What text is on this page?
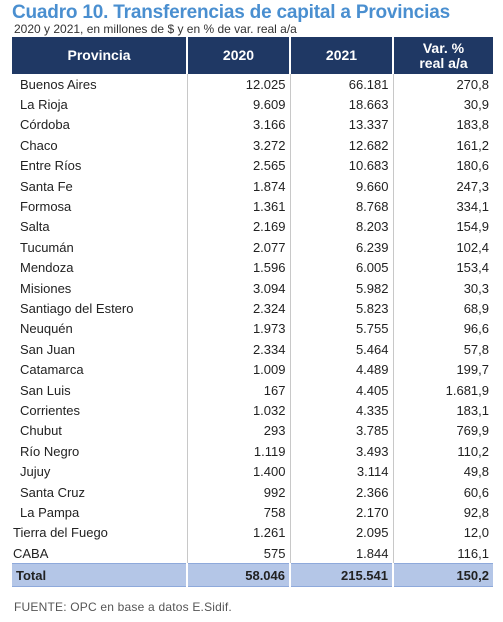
Cuadro 10. Transferencias de capital a Provincias
2020 y 2021, en millones de $ y en % de var. real a/a
Provincia	2020	2021	Var. %
real a/a
Buenos Aires	12.025	66.181	270,8
La Rioja	9.609	18.663	30,9
Córdoba	3.166	13.337	183,8
Chaco	3.272	12.682	161,2
Entre Ríos	2.565	10.683	180,6
Santa Fe	1.874	9.660	247,3
Formosa	1.361	8.768	334,1
Salta	2.169	8.203	154,9
Tucumán	2.077	6.239	102,4
Mendoza	1.596	6.005	153,4
Misiones	3.094	5.982	30,3
Santiago del Estero	2.324	5.823	68,9
Neuquén	1.973	5.755	96,6
San Juan	2.334	5.464	57,8
Catamarca	1.009	4.489	199,7
San Luis	167	4.405	1.681,9
Corrientes	1.032	4.335	183,1
Chubut	293	3.785	769,9
Río Negro	1.119	3.493	110,2
Jujuy	1.400	3.114	49,8
Santa Cruz	992	2.366	60,6
La Pampa	758	2.170	92,8
Tierra del Fuego	1.261	2.095	12,0
CABA	575	1.844	116,1
Total	58.046	215.541	150,2
FUENTE: OPC en base a datos E.Sidif.
